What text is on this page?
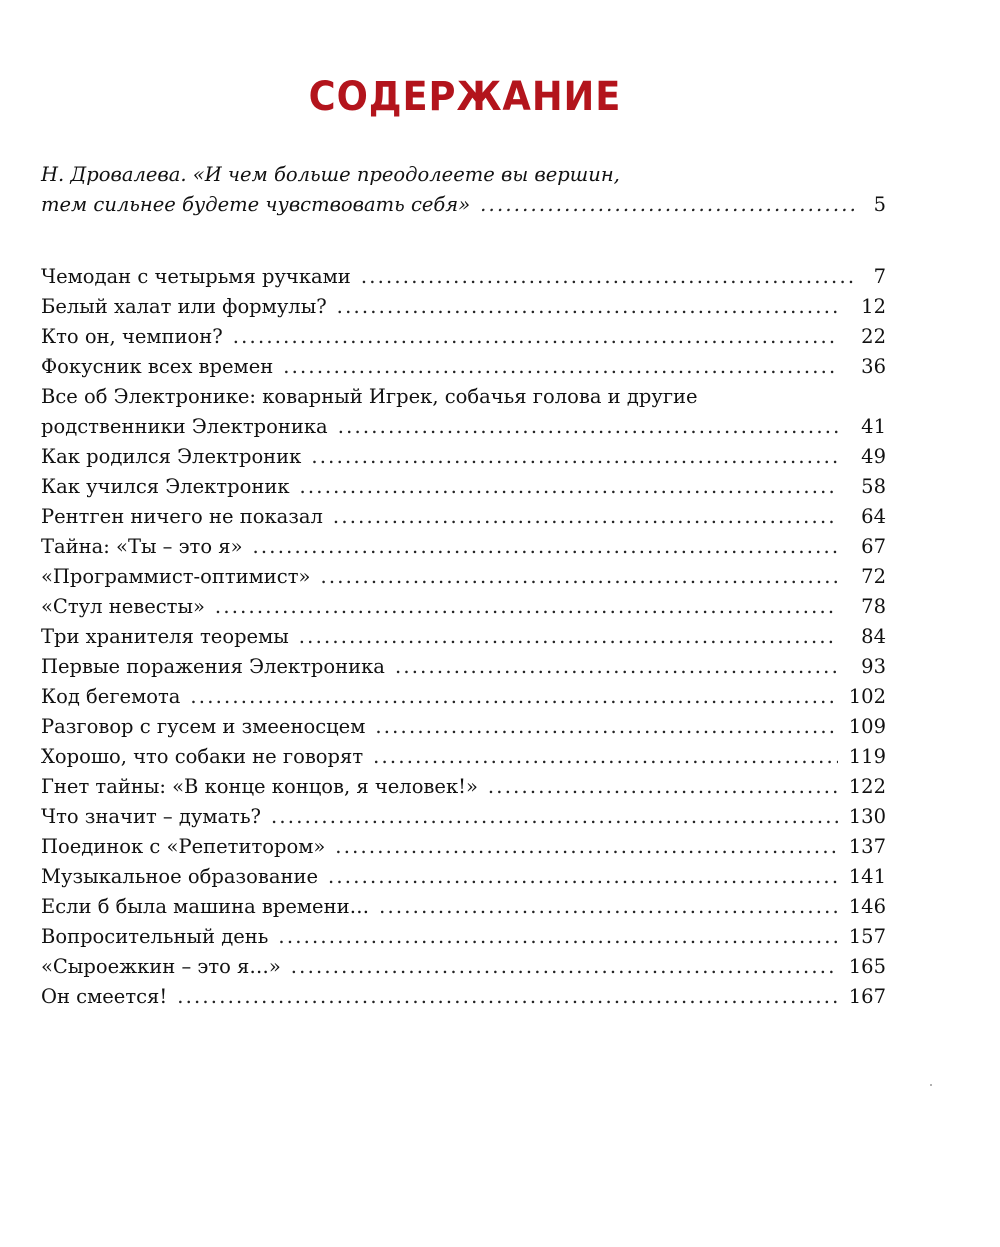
СОДЕРЖАНИЕ
Н. Дровалева. «И чем больше преодолеете вы вершин,
тем сильнее будете чувствовать себя» . . .	5
Чемодан с четырьмя ручками . . .	7
Белый халат или формулы? . . .	12
Кто он, чемпион? . . .	22
Фокусник всех времен . . .	36
Все об Электронике: коварный Игрек, собачья голова и другие
родственники Электроника . . .	41
Как родился Электроник . . .	49
Как учился Электроник . . .	58
Рентген ничего не показал . . .	64
Тайна: «Ты – это я» . . .	67
«Программист-оптимист» . . .	72
«Стул невесты» . . .	78
Три хранителя теоремы . . .	84
Первые поражения Электроника . . .	93
Код бегемота . . .	102
Разговор с гусем и змееносцем . . .	109
Хорошо, что собаки не говорят . . .	119
Гнет тайны: «В конце концов, я человек!» . . .	122
Что значит – думать? . . .	130
Поединок с «Репетитором» . . .	137
Музыкальное образование . . .	141
Если б была машина времени… . . .	146
Вопросительный день . . .	157
«Сыроежкин – это я…» . . .	165
Он смеется! . . .	167
